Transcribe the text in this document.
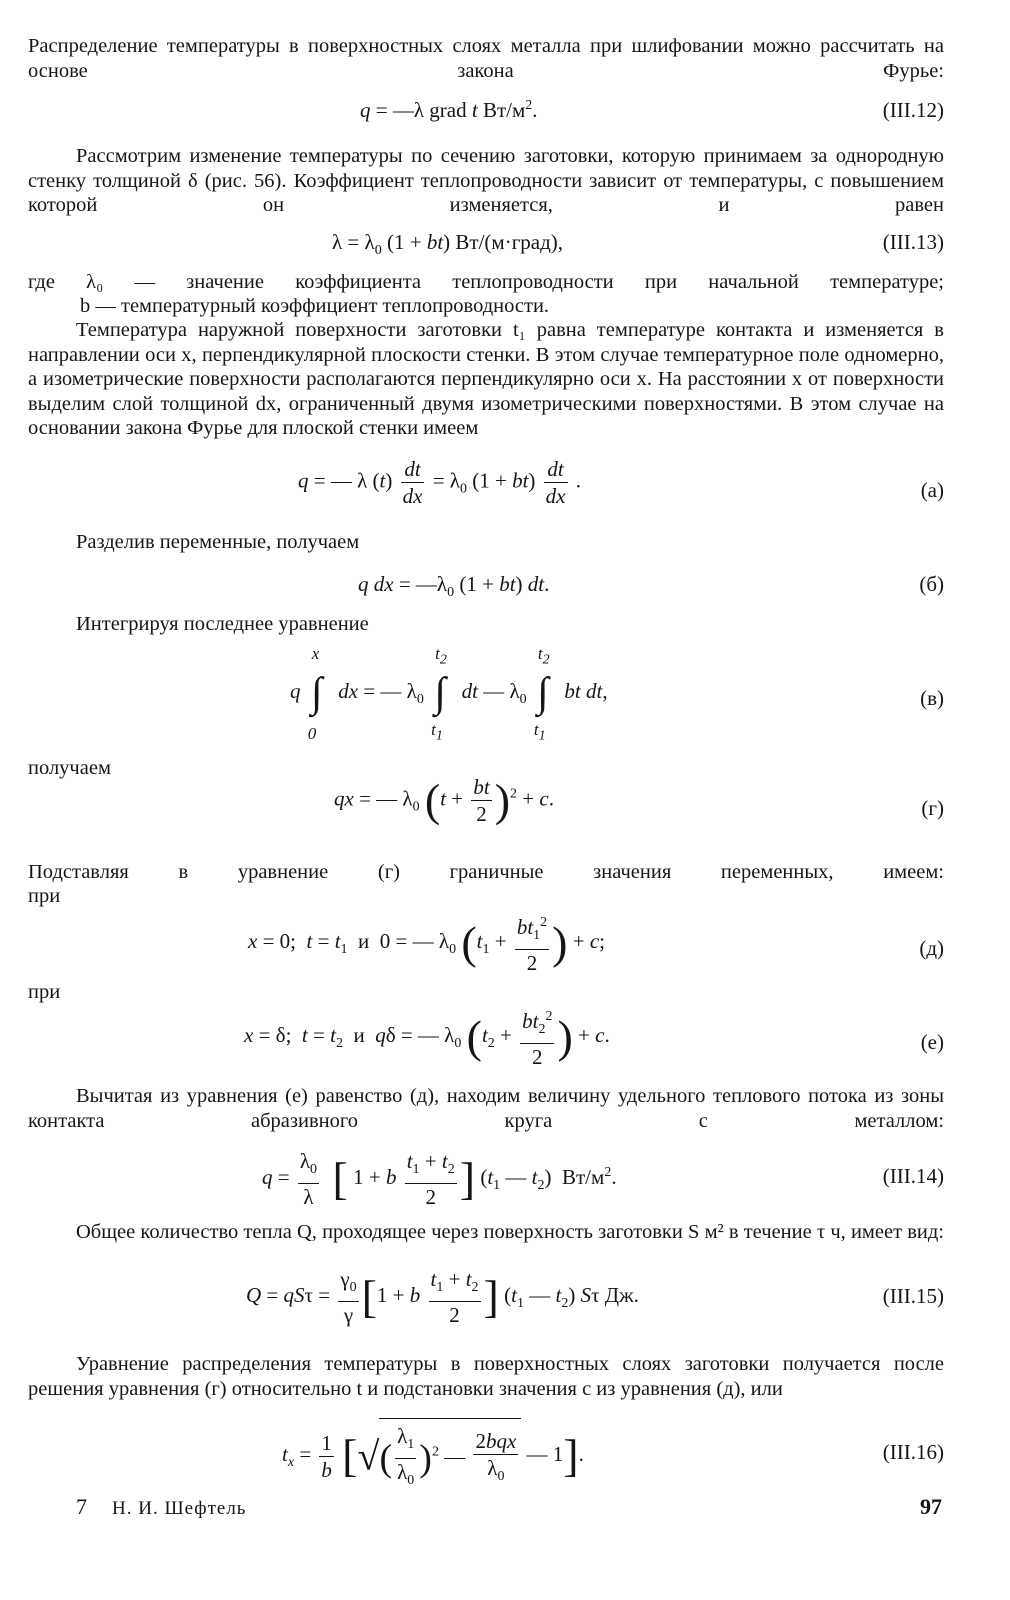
Распределение температуры в поверхностных слоях металла при шлифовании можно рассчитать на основе закона Фурье:
q = —λ grad t $Вт/м^2$.	(III.12)
Рассмотрим изменение температуры по сечению заготовки, которую принимаем за однородную стенку толщиной δ (рис. 56). Коэффициент теплопроводности зависит от температуры, с повышением которой он изменяется, и равен
$\lambda = \lambda_0$ (1 + bt) Вт/(м·град),	(III.13)
где λ₀ — значение коэффициента теплопроводности при начальной температуре;
b — температурный коэффициент теплопроводности.
Температура наружной поверхности заготовки t₁ равна температуре контакта и изменяется в направлении оси x, перпендикулярной плоскости стенки. В этом случае температурное поле одномерно, а изометрические поверхности располагаются перпендикулярно оси x. На расстоянии x от поверхности выделим слой толщиной dx, ограниченный двумя изометрическими поверхностями. В этом случае на основании закона Фурье для плоской стенки имеем
q = — λ $(t) \frac{dt}{dx} = \lambda_0$ $(1 + bt) \frac{dt}{dx}$ .	(а)
Разделив переменные, получаем
q dx = $—\lambda_0$ (1 + bt) dt.	(б)
Интегрируя последнее уравнение
q
x
∫
0
dx = — $\lambda_0$
$t_2$
∫
$t_1$
dt — $\lambda_0$
$t_2$
∫
$t_1$
bt dt,	(в)
получаем
qx = — $\lambda_0$ $(t + \frac{bt}{2} )^2 + c$.	(г)
Подставляя в уравнение (г) граничные значения переменных, имеем:
при
x = 0;  $t = t_1$  и  0 = — $\lambda_0$ ($t_1 + \frac{bt_1^2}{2}$ ) + c;	(д)
при
x = δ;  $t = t_2$  и  qδ = — $\lambda_0$ ($t_2 + \frac{bt_2^2}{2}$ ) + c.	(е)
Вычитая из уравнения (е) равенство (д), находим величину удельного теплового потока из зоны контакта абразивного круга с металлом:
$q = \frac{\lambda_0}{\lambda}$ [ 1 + b $\frac{t_1 + t_2}{2}$ ] ($t_1$ — $t_2$)  $Вт/м^2$.	(III.14)
Общее количество тепла Q, проходящее через поверхность заготовки S м² в течение τ ч, имеет вид:
$Q = qS\tau = \frac{\gamma_0}{\gamma} [1 + b \frac{t_1 + t_2}{2}$ ] ($t_1$ — $t_2$) Sτ Дж.	(III.15)
Уравнение распределения температуры в поверхностных слоях заготовки получается после решения уравнения (г) относительно t и подстановки значения c из уравнения (д), или
$t_x = \frac{1}{b}$ [√( $\frac{\lambda_1}{\lambda_0} )^2$ — $\frac{\text{2bqx}}{\lambda_0}$ — 1].	(III.16)
7 Н. И. Шефтель	97
